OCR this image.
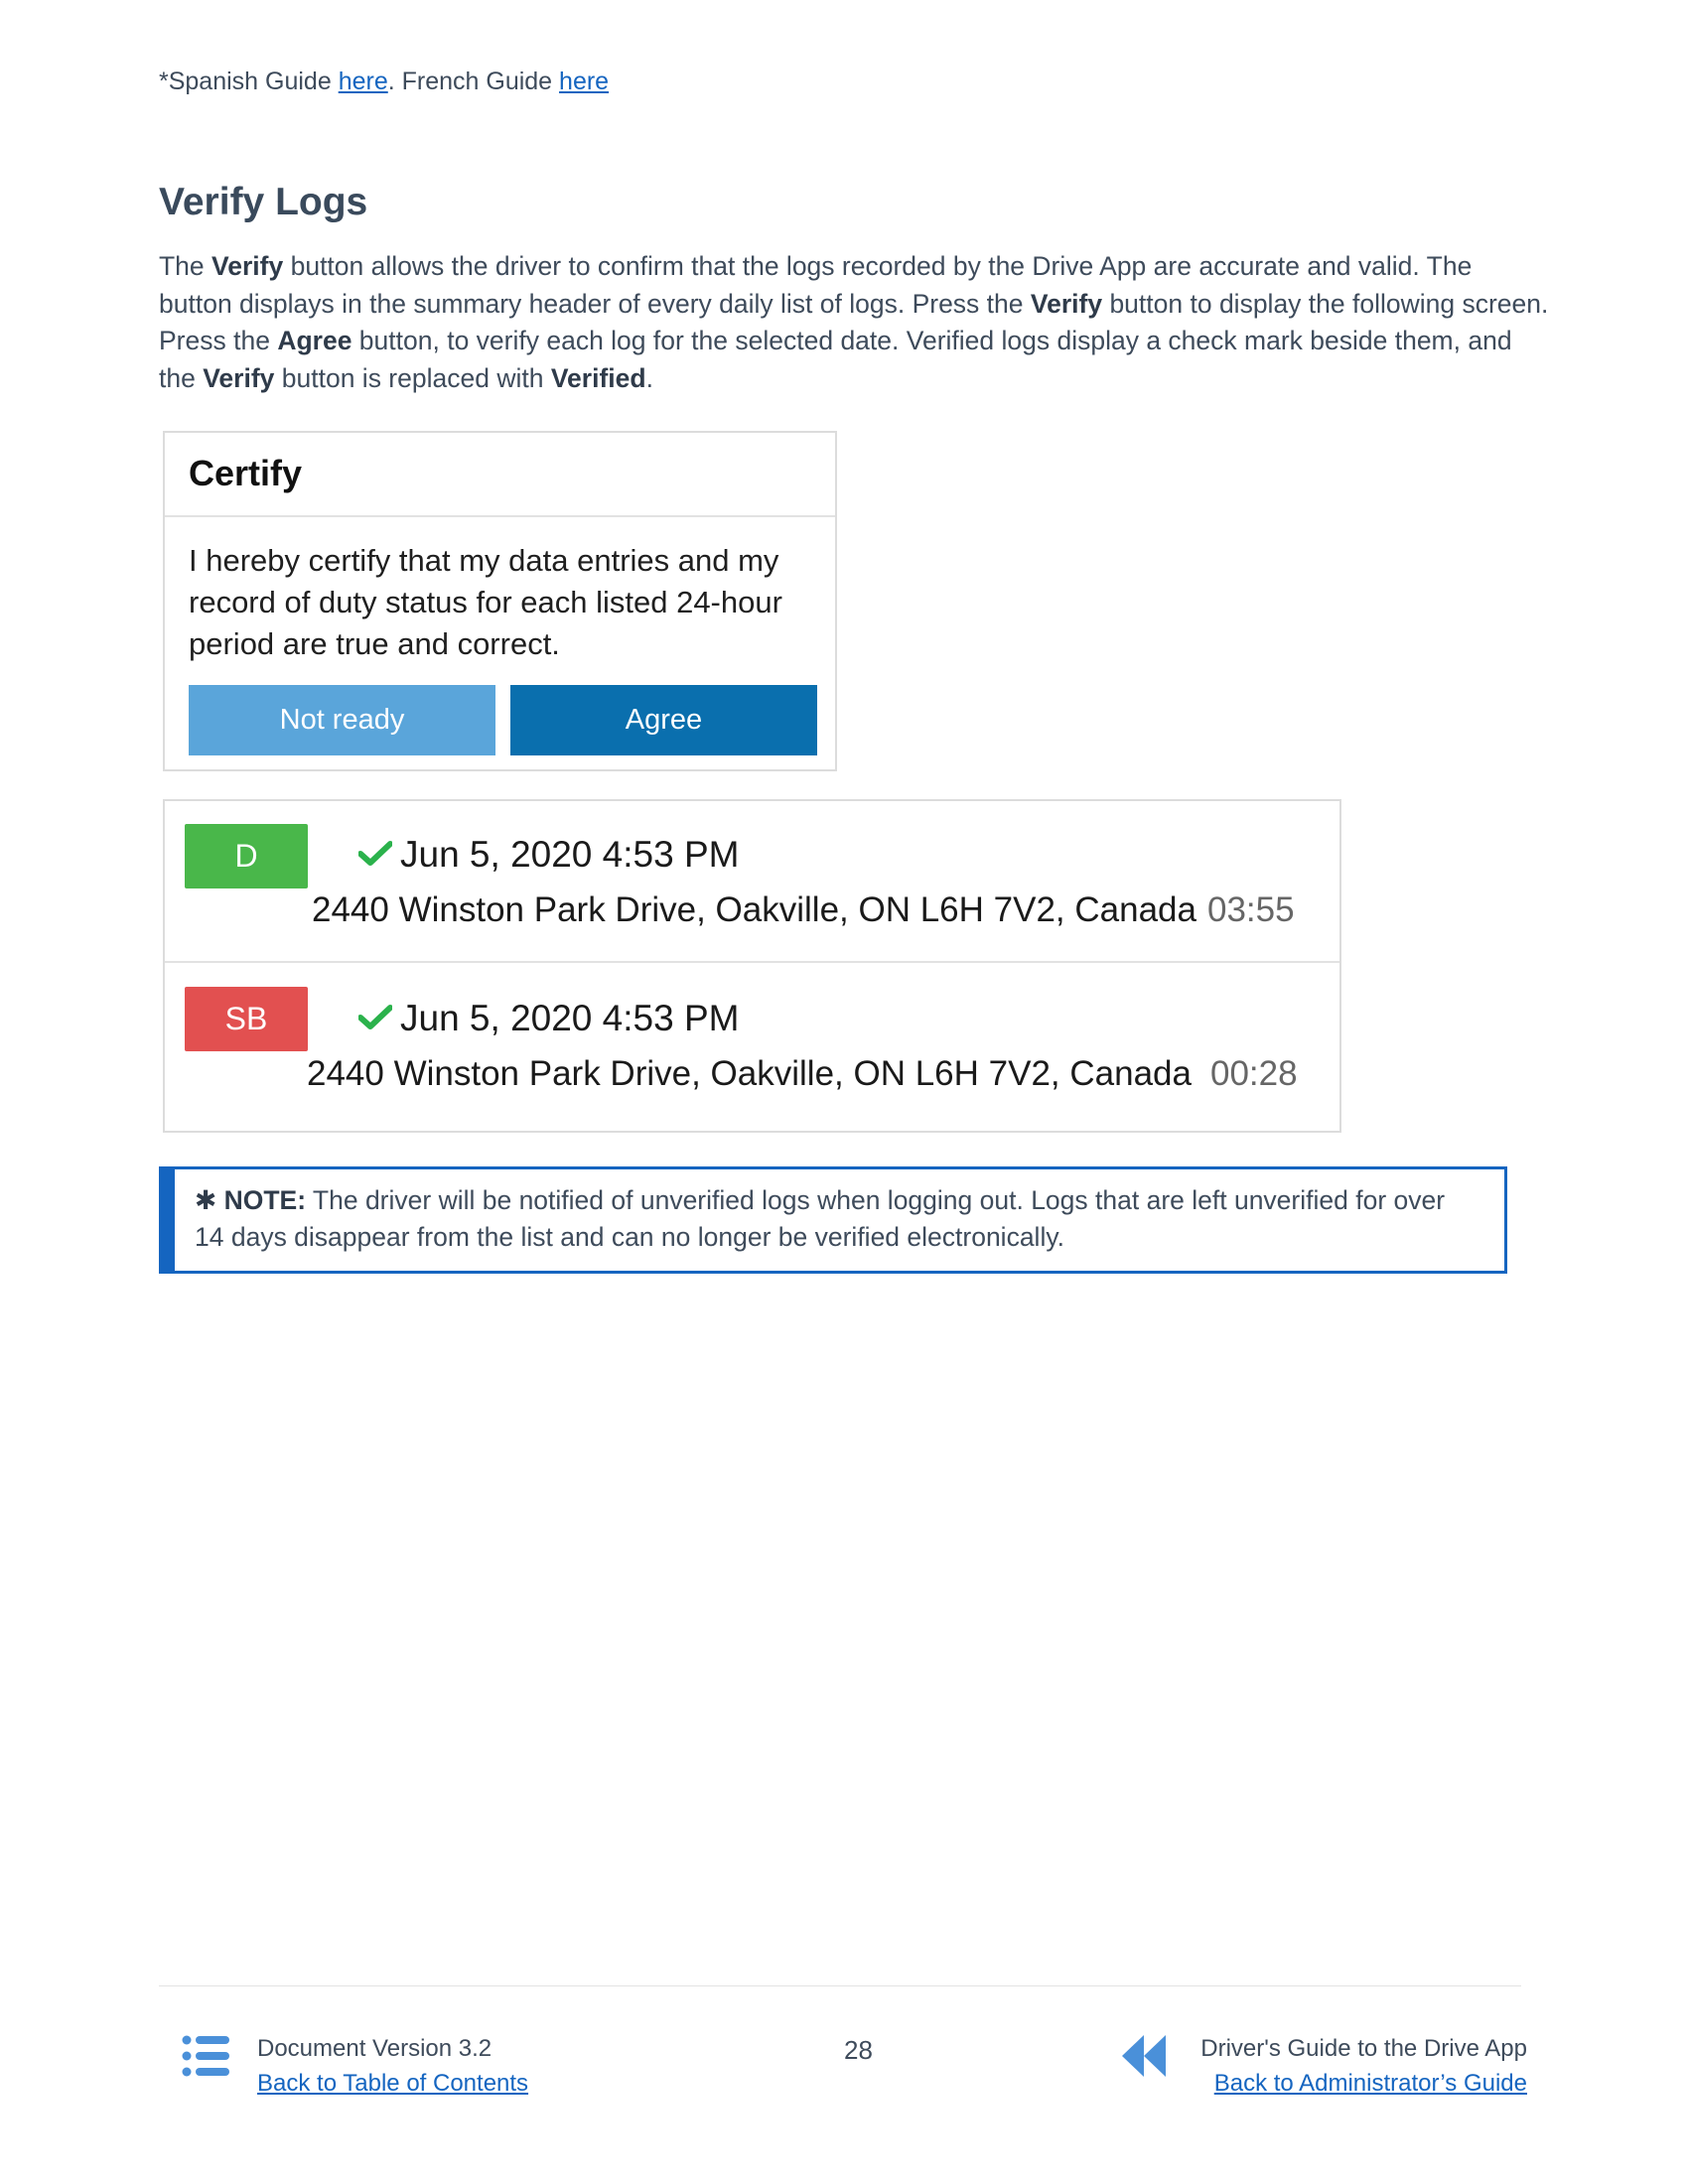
*Spanish Guide here. French Guide here
Verify Logs

The Verify button allows the driver to confirm that the logs recorded by the Drive App are accurate and valid. The button displays in the summary header of every daily list of logs. Press the Verify button to display the following screen. Press the Agree button, to verify each log for the selected date. Verified logs display a check mark beside them, and the Verify button is replaced with Verified.

Certify
I hereby certify that my data entries and my record of duty status for each listed 24-hour period are true and correct.
Not ready	Agree
D	Jun 5, 2020 4:53 PM
2440 Winston Park Drive, Oakville, ON L6H 7V2, Canada 03:55
SB	Jun 5, 2020 4:53 PM
2440 Winston Park Drive, Oakville, ON L6H 7V2, Canada 00:28
✱ NOTE: The driver will be notified of unverified logs when logging out. Logs that are left unverified for over 14 days disappear from the list and can no longer be verified electronically.
Document Version 3.2
Back to Table of Contents
28	Driver's Guide to the Drive App
Back to Administrator’s Guide
